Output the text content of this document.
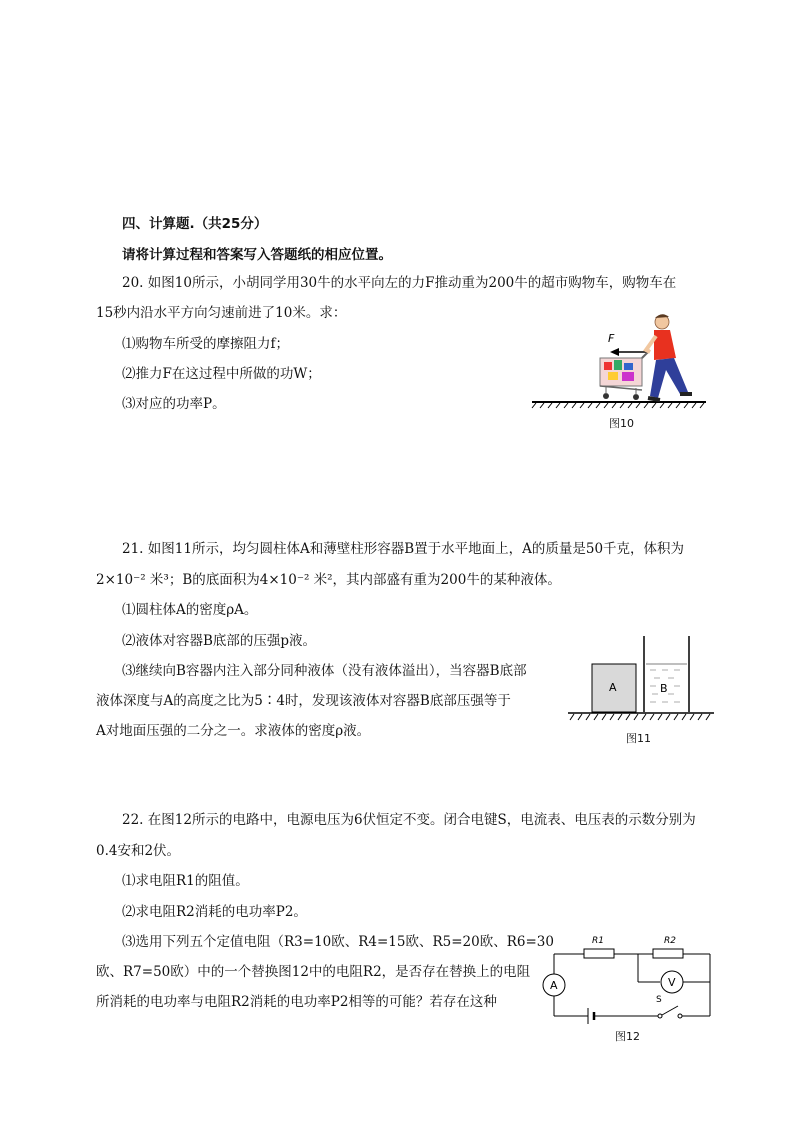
四、计算题.（共25分）
请将计算过程和答案写入答题纸的相应位置。
20. 如图10所示，小胡同学用30牛的水平向左的力F推动重为200牛的超市购物车，购物车在
15秒内沿水平方向匀速前进了10米。求：
⑴购物车所受的摩擦阻力f；
⑵推力F在这过程中所做的功W；
⑶对应的功率P。
F
图10
21. 如图11所示，均匀圆柱体A和薄壁柱形容器B置于水平地面上，A的质量是50千克，体积为
2×10⁻² 米³；B的底面积为4×10⁻² 米²，其内部盛有重为200牛的某种液体。
⑴圆柱体A的密度ρA。
⑵液体对容器B底部的压强p液。
⑶继续向B容器内注入部分同种液体（没有液体溢出），当容器B底部
液体深度与A的高度之比为5∶4时，发现该液体对容器B底部压强等于
A对地面压强的二分之一。求液体的密度ρ液。
A	B
图11
22. 在图12所示的电路中，电源电压为6伏恒定不变。闭合电键S，电流表、电压表的示数分别为
0.4安和2伏。
⑴求电阻R1的阻值。
⑵求电阻R2消耗的电功率P2。
⑶选用下列五个定值电阻（R3=10欧、R4=15欧、R5=20欧、R6=30
欧、R7=50欧）中的一个替换图12中的电阻R2，是否存在替换上的电阻
所消耗的电功率与电阻R2消耗的电功率P2相等的可能？若存在这种
R1	R2
A	V
S
图12
